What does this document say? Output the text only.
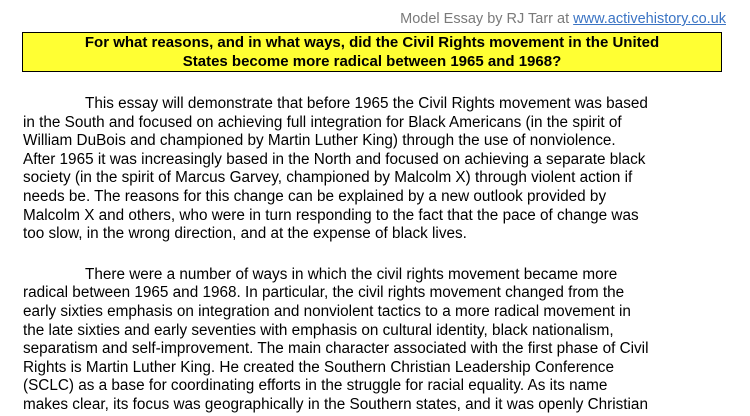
Model Essay by RJ Tarr at www.activehistory.co.uk
For what reasons, and in what ways, did the Civil Rights movement in the United
States become more radical between 1965 and 1968?
This essay will demonstrate that before 1965 the Civil Rights movement was based
in the South and focused on achieving full integration for Black Americans (in the spirit of
William DuBois and championed by Martin Luther King) through the use of nonviolence.
After 1965 it was increasingly based in the North and focused on achieving a separate black
society (in the spirit of Marcus Garvey, championed by Malcolm X) through violent action if
needs be. The reasons for this change can be explained by a new outlook provided by
Malcolm X and others, who were in turn responding to the fact that the pace of change was
too slow, in the wrong direction, and at the expense of black lives.
There were a number of ways in which the civil rights movement became more
radical between 1965 and 1968. In particular, the civil rights movement changed from the
early sixties emphasis on integration and nonviolent tactics to a more radical movement in
the late sixties and early seventies with emphasis on cultural identity, black nationalism,
separatism and self-improvement. The main character associated with the first phase of Civil
Rights is Martin Luther King. He created the Southern Christian Leadership Conference
(SCLC) as a base for coordinating efforts in the struggle for racial equality. As its name
makes clear, its focus was geographically in the Southern states, and it was openly Christian
